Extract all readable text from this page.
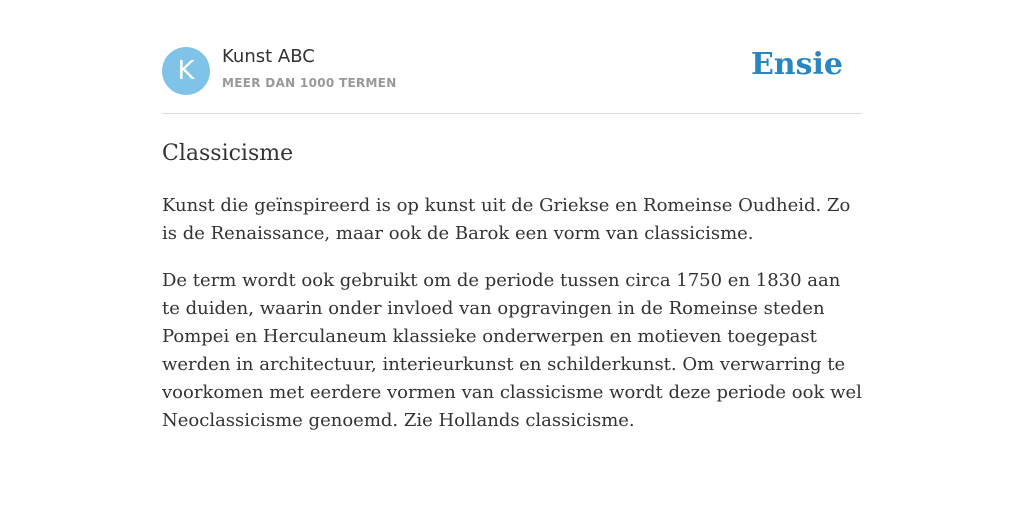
K	Kunst ABC
MEER DAN 1000 TERMEN
Ensie
Classicisme

Kunst die geïnspireerd is op kunst uit de Griekse en Romeinse Oudheid. Zo is de Renaissance, maar ook de Barok een vorm van classicisme.

De term wordt ook gebruikt om de periode tussen circa 1750 en 1830 aan te duiden, waarin onder invloed van opgravingen in de Romeinse steden Pompei en Herculaneum klassieke onderwerpen en motieven toegepast werden in architectuur, interieurkunst en schilderkunst. Om verwarring te voorkomen met eerdere vormen van classicisme wordt deze periode ook wel Neoclassicisme genoemd. Zie Hollands classicisme.
